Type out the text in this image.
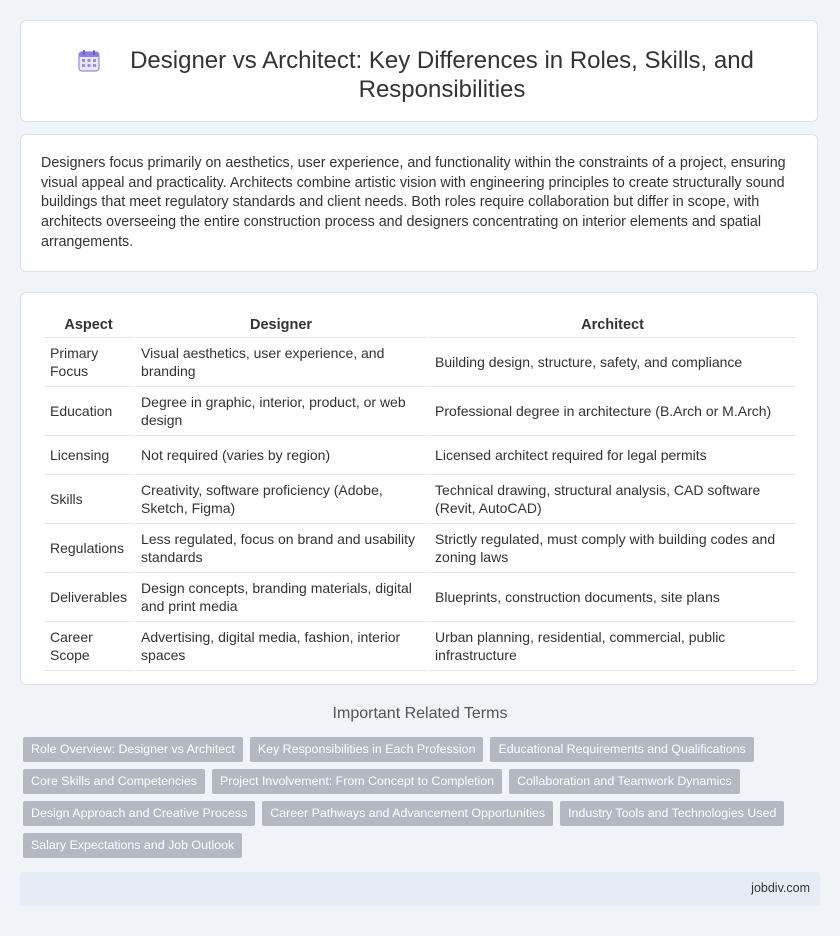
Designer vs Architect: Key Differences in Roles, Skills, and Responsibilities

Designers focus primarily on aesthetics, user experience, and functionality within the constraints of a project, ensuring visual appeal and practicality. Architects combine artistic vision with engineering principles to create structurally sound buildings that meet regulatory standards and client needs. Both roles require collaboration but differ in scope, with architects overseeing the entire construction process and designers concentrating on interior elements and spatial arrangements.

Aspect	Designer	Architect
Primary Focus	Visual aesthetics, user experience, and branding	Building design, structure, safety, and compliance
Education	Degree in graphic, interior, product, or web design	Professional degree in architecture (B.Arch or M.Arch)
Licensing	Not required (varies by region)	Licensed architect required for legal permits
Skills	Creativity, software proficiency (Adobe, Sketch, Figma)	Technical drawing, structural analysis, CAD software (Revit, AutoCAD)
Regulations	Less regulated, focus on brand and usability standards	Strictly regulated, must comply with building codes and zoning laws
Deliverables	Design concepts, branding materials, digital and print media	Blueprints, construction documents, site plans
Career Scope	Advertising, digital media, fashion, interior spaces	Urban planning, residential, commercial, public infrastructure
Important Related Terms
Role Overview: Designer vs Architect	Key Responsibilities in Each Profession	Educational Requirements and Qualifications
Core Skills and Competencies	Project Involvement: From Concept to Completion	Collaboration and Teamwork Dynamics
Design Approach and Creative Process	Career Pathways and Advancement Opportunities	Industry Tools and Technologies Used
Salary Expectations and Job Outlook
jobdiv.com
